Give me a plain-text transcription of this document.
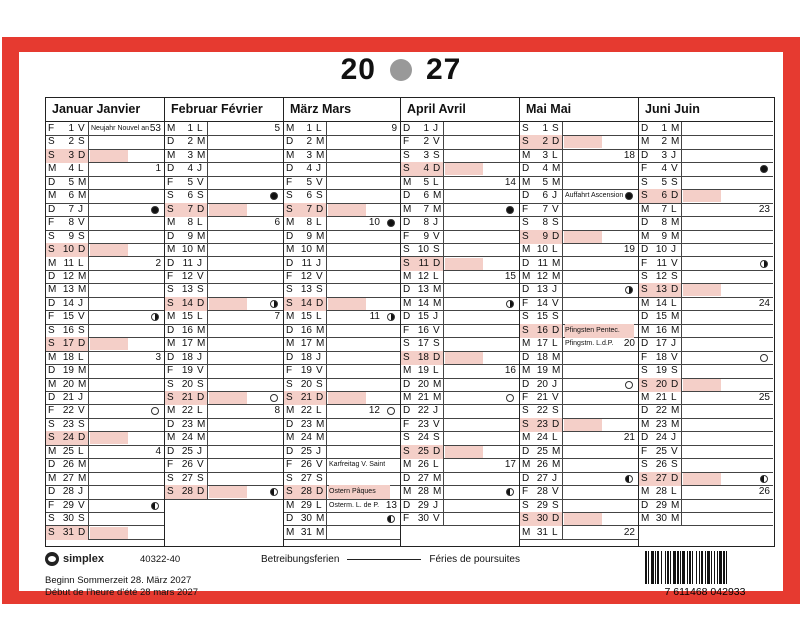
20 27
Januar Janvier
F	1 V Neujahr Nouvel an 53
S	2 S
S	3 D
M	4 L	1
D	5 M
M	6 M
D	7 J
F	8 V
S	9 S
S 10 D
M 11 L	2
D 12 M
M 13 M
D 14 J
F 15 V
S 16 S
S 17 D
M 18 L	3
D 19 M
M 20 M
D 21 J
F 22 V
S 23 S
S 24 D
M 25 L	4
D 26 M
M 27 M
D 28 J
F 29 V
S 30 S
S 31 D
Februar Février
M	1 L	5
D	2 M
M	3 M
D	4 J
F	5 V
S	6 S
S	7 D
M	8 L	6
D	9 M
M 10 M
D 11 J
F 12 V
S 13 S
S 14 D
M 15 L	7
D 16 M
M 17 M
D 18 J
F 19 V
S 20 S
S 21 D
M 22 L	8
D 23 M
M 24 M
D 25 J
F 26 V
S 27 S
S 28 D
März Mars
M	1 L	9
D	2 M
M	3 M
D	4 J
F	5 V
S	6 S
S	7 D
M	8 L	10
D	9 M
M 10 M
D 11 J
F 12 V
S 13 S
S 14 D
M 15 L	11
D 16 M
M 17 M
D 18 J
F 19 V
S 20 S
S 21 D
M 22 L	12
D 23 M
M 24 M
D 25 J
F 26 V Karfreitag V. Saint
S 27 S
S 28 D Ostern Pâques
M 29 L	Osterm. L. de P. 13
D 30 M
M 31 M
April Avril
D	1 J
F	2 V
S	3 S
S	4 D
M	5 L	14
D	6 M
M	7 M
D	8 J
F	9 V
S 10 S
S 11 D
M 12 L	15
D 13 M
M 14 M
D 15 J
F 16 V
S 17 S
S 18 D
M 19 L	16
D 20 M
M 21 M
D 22 J
F 23 V
S 24 S
S 25 D
M 26 L	17
D 27 M
M 28 M
D 29 J
F 30 V
Mai Mai
S	1 S
S	2 D
M	3 L	18
D	4 M
M	5 M
D	6 J	Auffahrt Ascension
F	7 V
S	8 S
S	9 D
M 10 L	19
D 11 M
M 12 M
D 13 J
F 14 V
S 15 S
S 16 D Pfingsten Pentec.
M 17 L	Pfingstm. L.d.P. 20
D 18 M
M 19 M
D 20 J
F 21 V
S 22 S
S 23 D
M 24 L	21
D 25 M
M 26 M
D 27 J
F 28 V
S 29 S
S 30 D
M 31 L	22
Juni Juin
D	1 M
M	2 M
D	3 J
F	4 V
S	5 S
S	6 D
M	7 L	23
D	8 M
M	9 M
D 10 J
F 11 V
S 12 S
S 13 D
M 14 L	24
D 15 M
M 16 M
D 17 J
F 18 V
S 19 S
S 20 D
M 21 L	25
D 22 M
M 23 M
D 24 J
F 25 V
S 26 S
S 27 D
M 28 L	26
D 29 M
M 30 M
simplex	40322-40	Betreibungsferien	Féries de poursuites
Beginn Sommerzeit 28. März 2027
Début de l'heure d'été 28 mars 2027	7 611468 042933
